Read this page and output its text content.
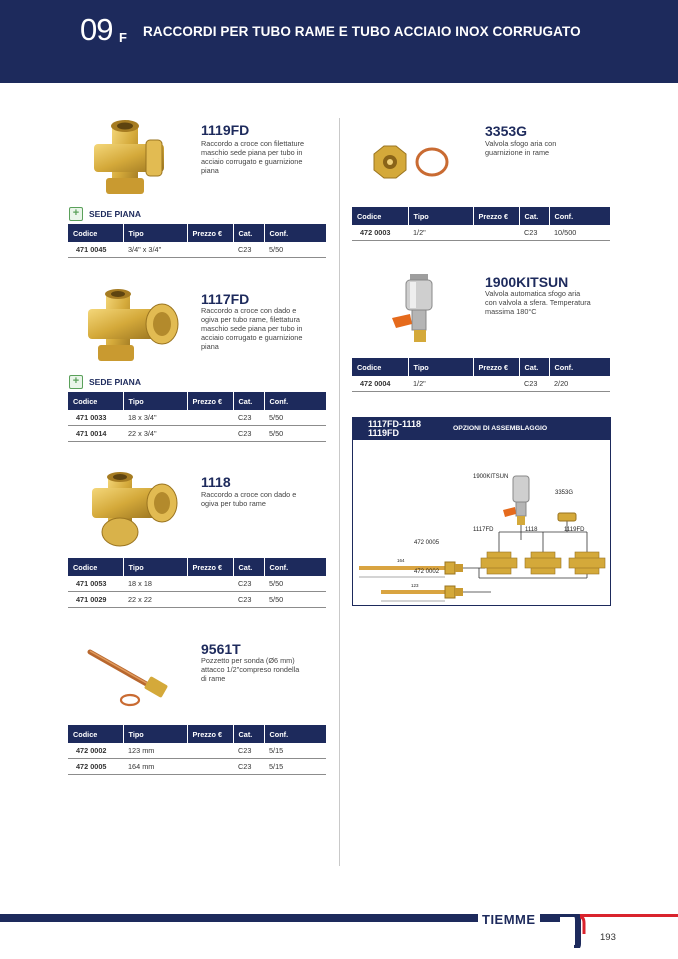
09 F RACCORDI PER TUBO RAME E TUBO ACCIAIO INOX CORRUGATO
1119FD
Raccordo a croce con filettature
maschio sede piana per tubo in
acciaio corrugato e guarnizione
piana
+	SEDE PIANA
Codice	Tipo	Prezzo €	Cat.	Conf.
471 0045	3/4" x 3/4"		C23	5/50
1117FD
Raccordo a croce con dado e
ogiva per tubo rame, filettatura
maschio sede piana per tubo in
acciaio corrugato e guarnizione
piana
+	SEDE PIANA
Codice	Tipo	Prezzo €	Cat.	Conf.
471 0033	18 x 3/4"		C23	5/50
471 0014	22 x 3/4"		C23	5/50
1118
Raccordo a croce con dado e
ogiva per tubo rame
Codice	Tipo	Prezzo €	Cat.	Conf.
471 0053	18 x 18		C23	5/50
471 0029	22 x 22		C23	5/50
9561T
Pozzetto per sonda (Ø6 mm)
attacco 1/2"compreso rondella
di rame
Codice	Tipo	Prezzo €	Cat.	Conf.
472 0002	123 mm		C23	5/15
472 0005	164 mm		C23	5/15
3353G
Valvola sfogo aria con
guarnizione in rame
Codice	Tipo	Prezzo €	Cat.	Conf.
472 0003	1/2"		C23	10/500
1900KITSUN
Valvola automatica sfogo aria
con valvola a sfera. Temperatura
massima 180°C
Codice	Tipo	Prezzo €	Cat.	Conf.
472 0004	1/2"		C23	2/20
1117FD-1118
1119FD	OPZIONI DI ASSEMBLAGGIO
1900KITSUN
3353G
1117FD	1118	1119FD
472 0005
472 0002
164
123
TIEMME
193
